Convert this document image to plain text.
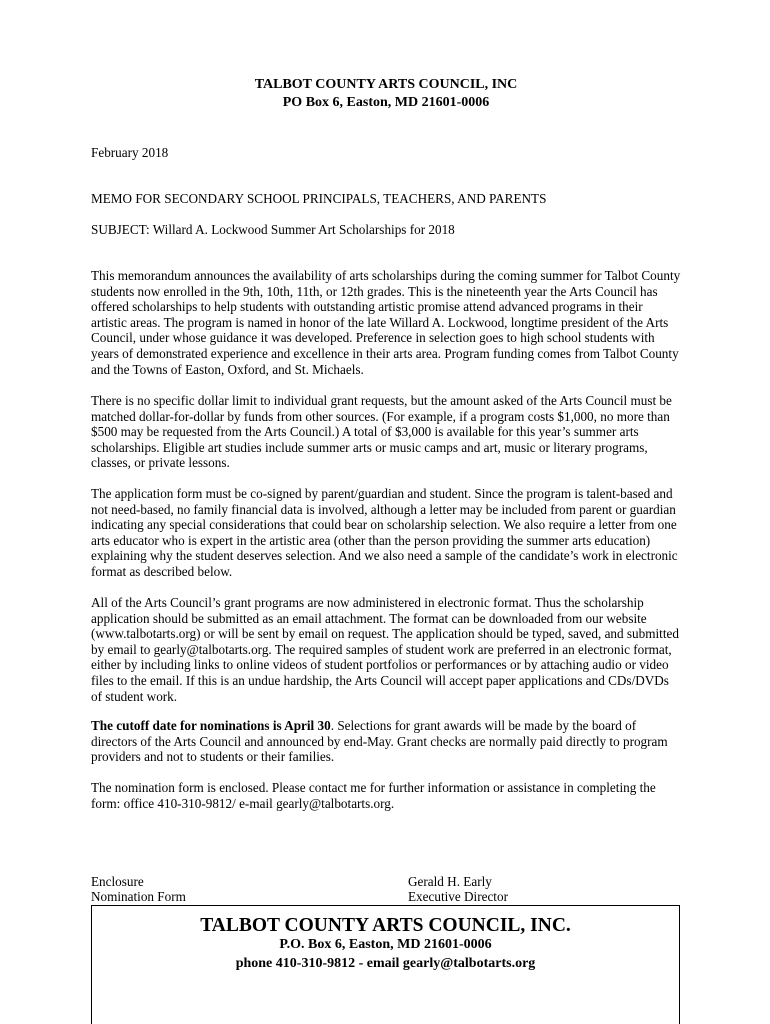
TALBOT COUNTY ARTS COUNCIL, INC
PO Box 6, Easton, MD 21601-0006
February 2018
MEMO FOR SECONDARY SCHOOL PRINCIPALS, TEACHERS, AND PARENTS
SUBJECT: Willard A. Lockwood Summer Art Scholarships for 2018
This memorandum announces the availability of arts scholarships during the coming summer for Talbot County students now enrolled in the 9th, 10th, 11th, or 12th grades. This is the nineteenth year the Arts Council has offered scholarships to help students with outstanding artistic promise attend advanced programs in their artistic areas. The program is named in honor of the late Willard A. Lockwood, longtime president of the Arts Council, under whose guidance it was developed. Preference in selection goes to high school students with years of demonstrated experience and excellence in their arts area. Program funding comes from Talbot County and the Towns of Easton, Oxford, and St. Michaels.
There is no specific dollar limit to individual grant requests, but the amount asked of the Arts Council must be matched dollar-for-dollar by funds from other sources. (For example, if a program costs $1,000, no more than $500 may be requested from the Arts Council.) A total of $3,000 is available for this year’s summer arts scholarships. Eligible art studies include summer arts or music camps and art, music or literary programs, classes, or private lessons.
The application form must be co-signed by parent/guardian and student. Since the program is talent-based and not need-based, no family financial data is involved, although a letter may be included from parent or guardian indicating any special considerations that could bear on scholarship selection. We also require a letter from one arts educator who is expert in the artistic area (other than the person providing the summer arts education) explaining why the student deserves selection. And we also need a sample of the candidate’s work in electronic format as described below.
All of the Arts Council’s grant programs are now administered in electronic format. Thus the scholarship application should be submitted as an email attachment. The format can be downloaded from our website (www.talbotarts.org) or will be sent by email on request. The application should be typed, saved, and submitted by email to gearly@talbotarts.org. The required samples of student work are preferred in an electronic format, either by including links to online videos of student portfolios or performances or by attaching audio or video files to the email. If this is an undue hardship, the Arts Council will accept paper applications and CDs/DVDs of student work.
The cutoff date for nominations is April 30. Selections for grant awards will be made by the board of directors of the Arts Council and announced by end-May. Grant checks are normally paid directly to program providers and not to students or their families.
The nomination form is enclosed. Please contact me for further information or assistance in completing the form: office 410-310-9812/ e-mail gearly@talbotarts.org.
Enclosure
Nomination Form
Gerald H. Early
Executive Director
TALBOT COUNTY ARTS COUNCIL, INC.
P.O. Box 6, Easton, MD 21601-0006
phone 410-310-9812 - email gearly@talbotarts.org
